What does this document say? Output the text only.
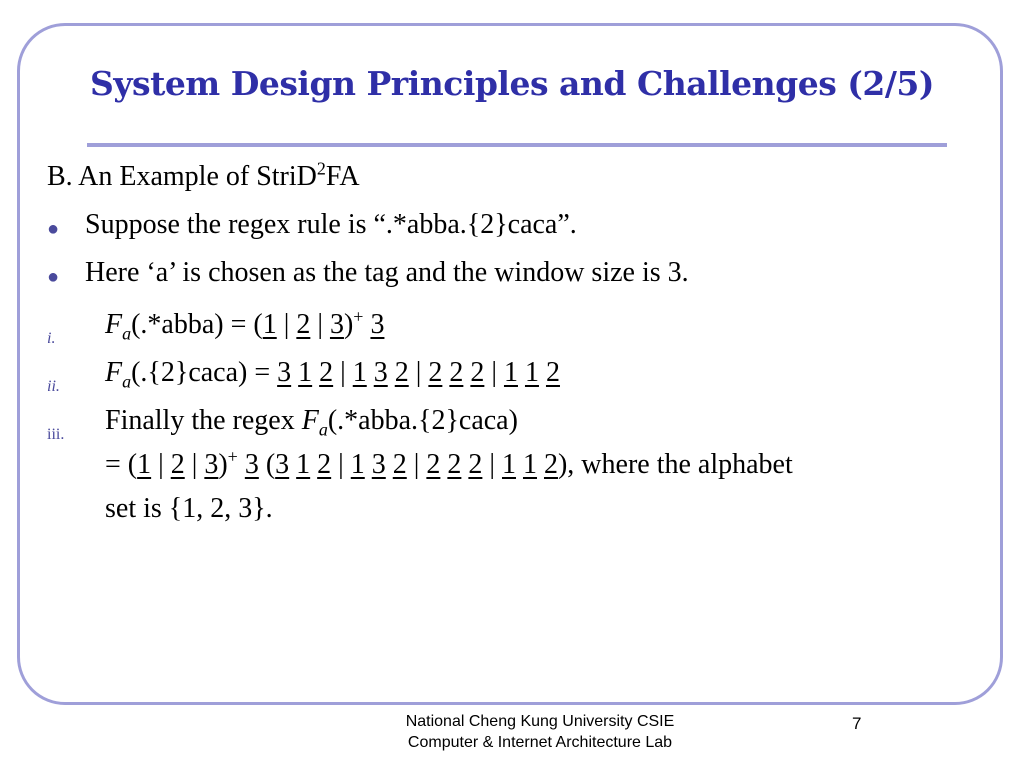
System Design Principles and Challenges (2/5)
B. An Example of StriD$^2$FA
● Suppose the regex rule is “.*abba.{2}caca”.
● Here ‘a’ is chosen as the tag and the window size is 3.
i. $F_a(.*abba) = (1$ | 2 | 3)+ 3
ii. $F_a(.\{2\}caca) = 3$ 1 2 | 1 3 2 | 2 2 2 | 1 1 2
iii. Finally the regex $F_a(.*abba.\{2\}caca)$
= (1 | 2 | 3)+ 3 (3 1 2 | 1 3 2 | 2 2 2 | 1 1 2), where the alphabet
set is {1, 2, 3}.
National Cheng Kung University CSIE
Computer & Internet Architecture Lab
7
